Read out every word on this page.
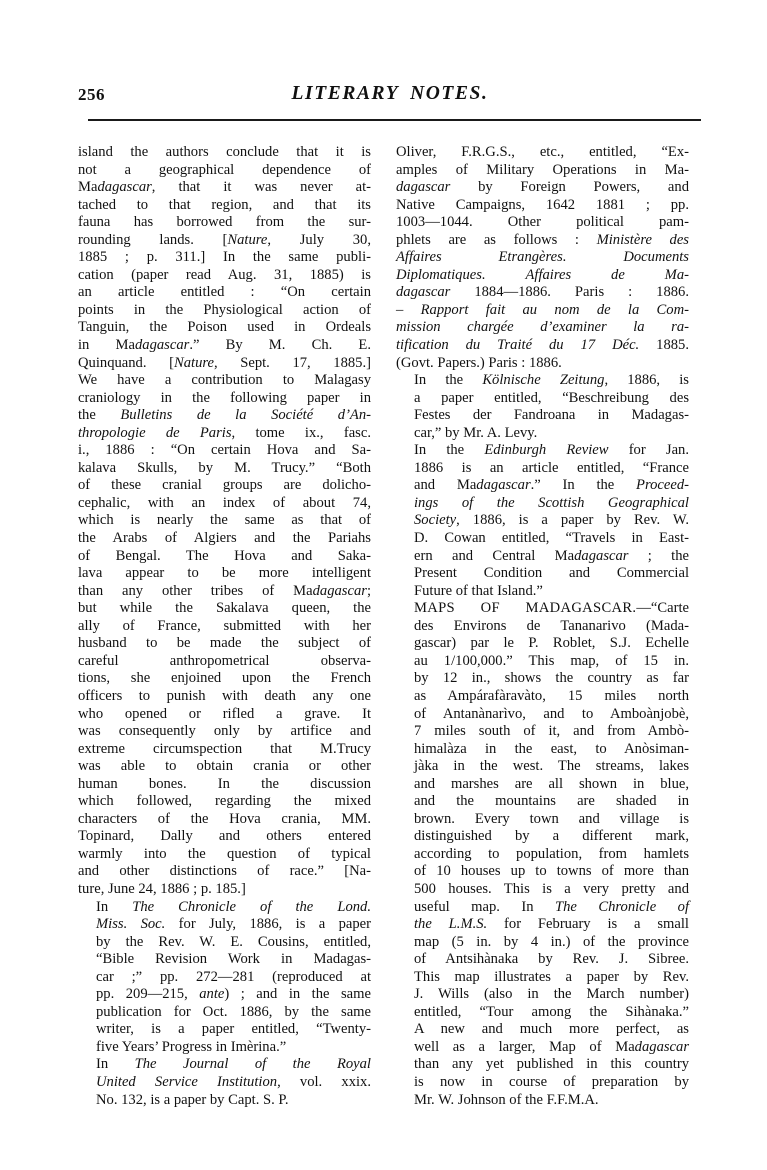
256	LITERARY NOTES.

island the authors conclude that it is
not a geographical dependence of
Madagascar, that it was never at-
tached to that region, and that its
fauna has borrowed from the sur-
rounding lands. [Nature, July 30,
1885 ; p. 311.] In the same publi-
cation (paper read Aug. 31, 1885) is
an article entitled : “On certain
points in the Physiological action of
Tanguin, the Poison used in Ordeals
in Madagascar.” By M. Ch. E.
Quinquand. [Nature, Sept. 17, 1885.]
We have a contribution to Malagasy
craniology in the following paper in
the Bulletins de la Société d’An-
thropologie de Paris, tome ix., fasc.
i., 1886 : “On certain Hova and Sa-
kalava Skulls, by M. Trucy.” “Both
of these cranial groups are dolicho-
cephalic, with an index of about 74,
which is nearly the same as that of
the Arabs of Algiers and the Pariahs
of Bengal. The Hova and Saka-
lava appear to be more intelligent
than any other tribes of Madagascar;
but while the Sakalava queen, the
ally of France, submitted with her
husband to be made the subject of
careful anthropometrical observa-
tions, she enjoined upon the French
officers to punish with death any one
who opened or rifled a grave. It
was consequently only by artifice and
extreme circumspection that M.Trucy
was able to obtain crania or other
human bones. In the discussion
which followed, regarding the mixed
characters of the Hova crania, MM.
Topinard, Dally and others entered
warmly into the question of typical
and other distinctions of race.” [Na-
ture, June 24, 1886 ; p. 185.]

In The Chronicle of the Lond.
Miss. Soc. for July, 1886, is a paper
by the Rev. W. E. Cousins, entitled,
“Bible Revision Work in Madagas-
car ;” pp. 272—281 (reproduced at
pp. 209—215, ante) ; and in the same
publication for Oct. 1886, by the same
writer, is a paper entitled, “Twenty-
five Years’ Progress in Imèrina.”

In The Journal of the Royal
United Service Institution, vol. xxix.
No. 132, is a paper by Capt. S. P.

Oliver, F.R.G.S., etc., entitled, “Ex-
amples of Military Operations in Ma-
dagascar by Foreign Powers, and
Native Campaigns, 1642 1881 ; pp.
1003—1044. Other political pam-
phlets are as follows : Ministère des
Affaires Etrangères.	Documents
Diplomatiques.	Affaires de Ma-
dagascar 1884—1886. Paris : 1886.
– Rapport fait au nom de la Com-
mission chargée d’examiner la ra-
tification du Traité du 17 Déc. 1885.
(Govt. Papers.) Paris : 1886.

In the Kölnische Zeitung, 1886, is
a paper entitled, “Beschreibung des
Festes der Fandroana in Madagas-
car,” by Mr. A. Levy.

In the Edinburgh Review for Jan.
1886 is an article entitled, “France
and Madagascar.” In the Proceed-
ings of the Scottish Geographical
Society, 1886, is a paper by Rev. W.
D. Cowan entitled, “Travels in East-
ern and Central Madagascar ; the
Present Condition and Commercial
Future of that Island.”

MAPS OF MADAGASCAR.—“Carte
des Environs de Tananarivo (Mada-
gascar) par le P. Roblet, S.J. Echelle
au 1/100,000.” This map, of 15 in.
by 12 in., shows the country as far
as Ampárafàravàto, 15 miles north
of Antanànarìvo, and to Amboànjobè,
7 miles south of it, and from Ambò-
himalàza in the east, to Anòsiman-
jàka in the west. The streams, lakes
and marshes are all shown in blue,
and the mountains are shaded in
brown. Every town and village is
distinguished by a different mark,
according to population, from hamlets
of 10 houses up to towns of more than
500 houses. This is a very pretty and
useful map. In The Chronicle of
the L.M.S. for February is a small
map (5 in. by 4 in.) of the province
of Antsihànaka by Rev. J. Sibree.
This map illustrates a paper by Rev.
J. Wills (also in the March number)
entitled, “Tour among the Sihànaka.”
A new and much more perfect, as
well as a larger, Map of Madagascar
than any yet published in this country
is now in course of preparation by
Mr. W. Johnson of the F.F.M.A.
